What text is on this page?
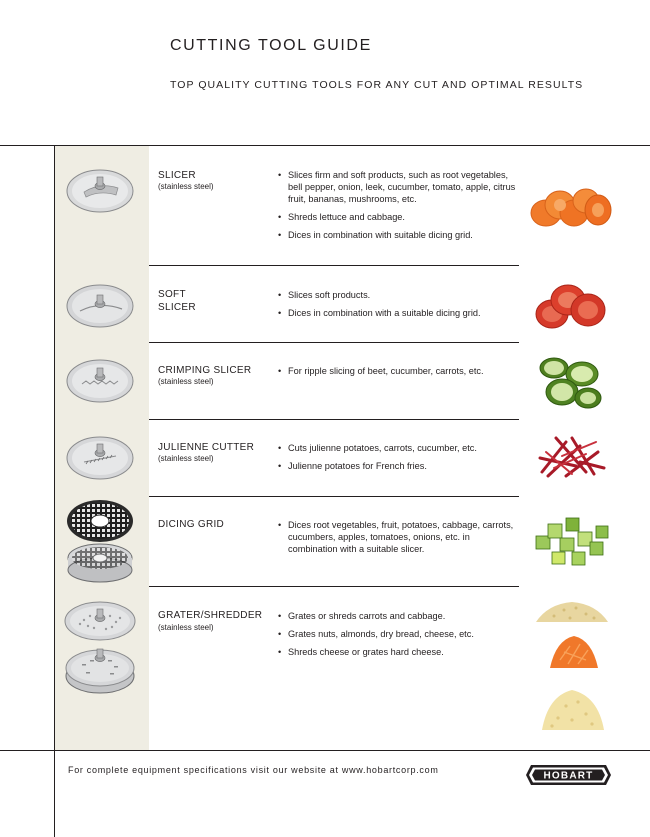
CUTTING TOOL GUIDE
TOP QUALITY CUTTING TOOLS FOR ANY CUT AND OPTIMAL RESULTS
SLICER
(stainless steel)
• Slices firm and soft products, such as root vegetables, bell pepper, onion, leek, cucumber, tomato, apple, citrus fruit, bananas, mushrooms, etc.
• Shreds lettuce and cabbage.
• Dices in combination with suitable dicing grid.
SOFT
SLICER
• Slices soft products.
• Dices in combination with a suitable dicing grid.
CRIMPING SLICER
(stainless steel)
• For ripple slicing of beet, cucumber, carrots, etc.
JULIENNE CUTTER
(stainless steel)
• Cuts julienne potatoes, carrots, cucumber, etc.
• Julienne potatoes for French fries.
DICING GRID
•	Dices root vegetables, fruit, potatoes, cabbage, carrots, cucumbers, apples, tomatoes, onions, etc. in combination with a suitable slicer.
GRATER/SHREDDER
(stainless steel)
• Grates or shreds carrots and cabbage.
• Grates nuts, almonds, dry bread, cheese, etc.
• Shreds cheese or grates hard cheese.
For complete equipment specifications visit our website at www.hobartcorp.com
HOBART
